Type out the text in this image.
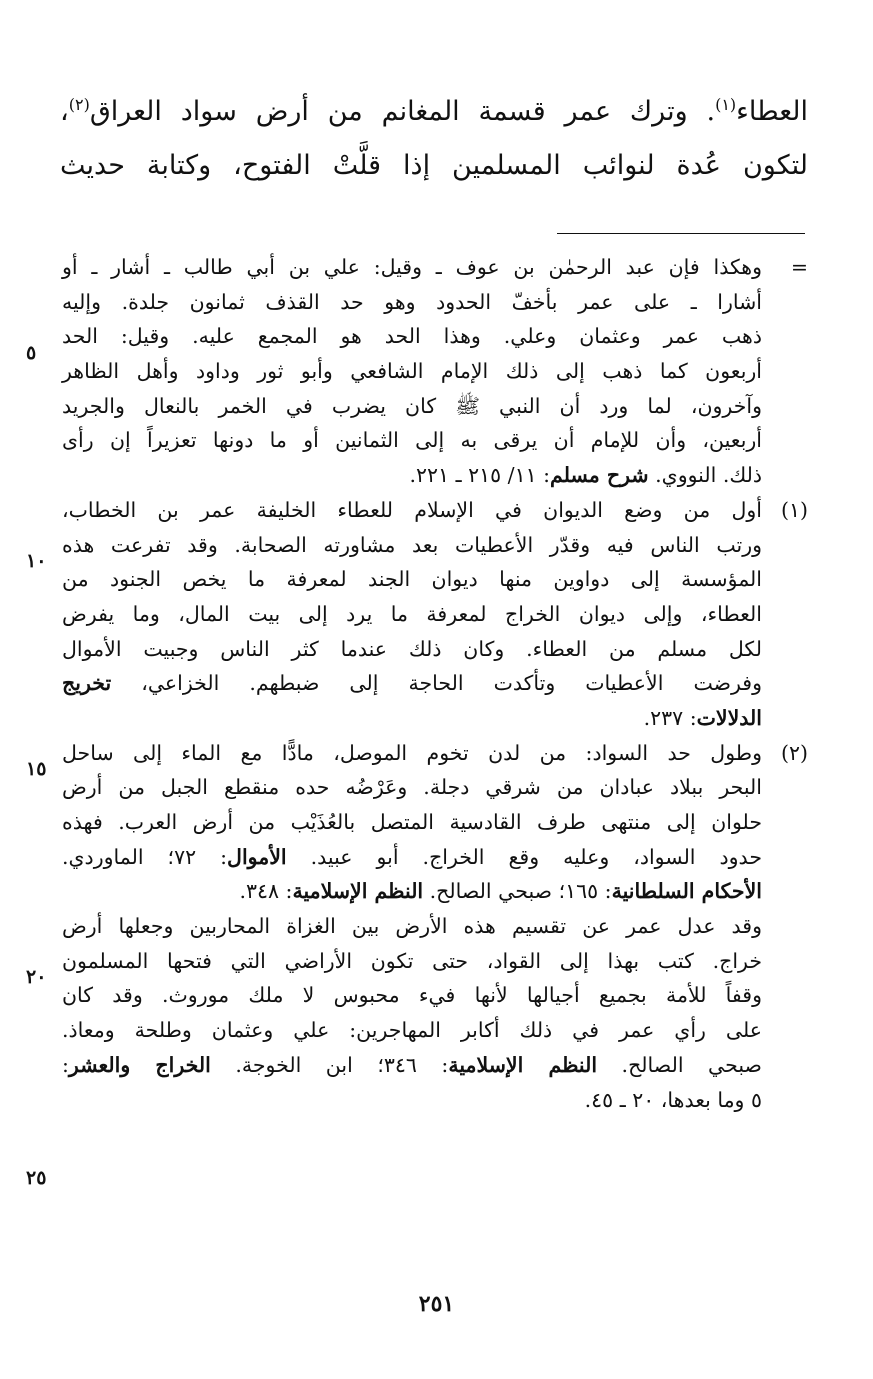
العطاء$^{(١)}$. وترك عمر قسمة المغانم من أرض سواد العراق$^{(٢)}$،

لتكون عُدة لنوائب المسلمين إذا قلَّتْ الفتوح، وكتابة حديث

=
وهكذا فإن عبد الرحمٰن بن عوف ـ وقيل: علي بن أبي طالب ـ أشار ـ أو
أشارا ـ على عمر بأخفّ الحدود وهو حد القذف ثمانون جلدة. وإليه
ذهب عمر وعثمان وعلي. وهذا الحد هو المجمع عليه. وقيل: الحد
أربعون كما ذهب إلى ذلك الإمام الشافعي وأبو ثور وداود وأهل الظاهر
وآخرون، لما ورد أن النبي ﷺ كان يضرب في الخمر بالنعال والجريد
أربعين، وأن للإمام أن يرقى به إلى الثمانين أو ما دونها تعزيراً إن رأى
ذلك. النووي. شرح مسلم: ١١/ ٢١٥ ـ ٢٢١.
(١)
أول من وضع الديوان في الإسلام للعطاء الخليفة عمر بن الخطاب،
ورتب الناس فيه وقدّر الأعطيات بعد مشاورته الصحابة. وقد تفرعت هذه
المؤسسة إلى دواوين منها ديوان الجند لمعرفة ما يخص الجنود من
العطاء، وإلى ديوان الخراج لمعرفة ما يرد إلى بيت المال، وما يفرض
لكل مسلم من العطاء. وكان ذلك عندما كثر الناس وجبيت الأموال
وفرضت الأعطيات وتأكدت الحاجة إلى ضبطهم. الخزاعي، تخريج
الدلالات: ٢٣٧.
(٢)
وطول حد السواد: من لدن تخوم الموصل، مادًّا مع الماء إلى ساحل
البحر ببلاد عبادان من شرقي دجلة. وعَرْضُه حده منقطع الجبل من أرض
حلوان إلى منتهى طرف القادسية المتصل بالعُذَيْب من أرض العرب. فهذه
حدود السواد، وعليه وقع الخراج. أبو عبيد. الأموال: ٧٢؛ الماوردي.
الأحكام السلطانية: ١٦٥؛ صبحي الصالح. النظم الإسلامية: ٣٤٨.
وقد عدل عمر عن تقسيم هذه الأرض بين الغزاة المحاربين وجعلها أرض
خراج. كتب بهذا إلى القواد، حتى تكون الأراضي التي فتحها المسلمون
وقفاً للأمة بجميع أجيالها لأنها فيء محبوس لا ملك موروث. وقد كان
على رأي عمر في ذلك أكابر المهاجرين: علي وعثمان وطلحة ومعاذ.
صبحي الصالح. النظم الإسلامية: ٣٤٦؛ ابن الخوجة. الخراج والعشر:
٥ وما بعدها، ٢٠ ـ ٤٥.
٥
١٠
١٥
٢٠
٢٥
٢٥١
